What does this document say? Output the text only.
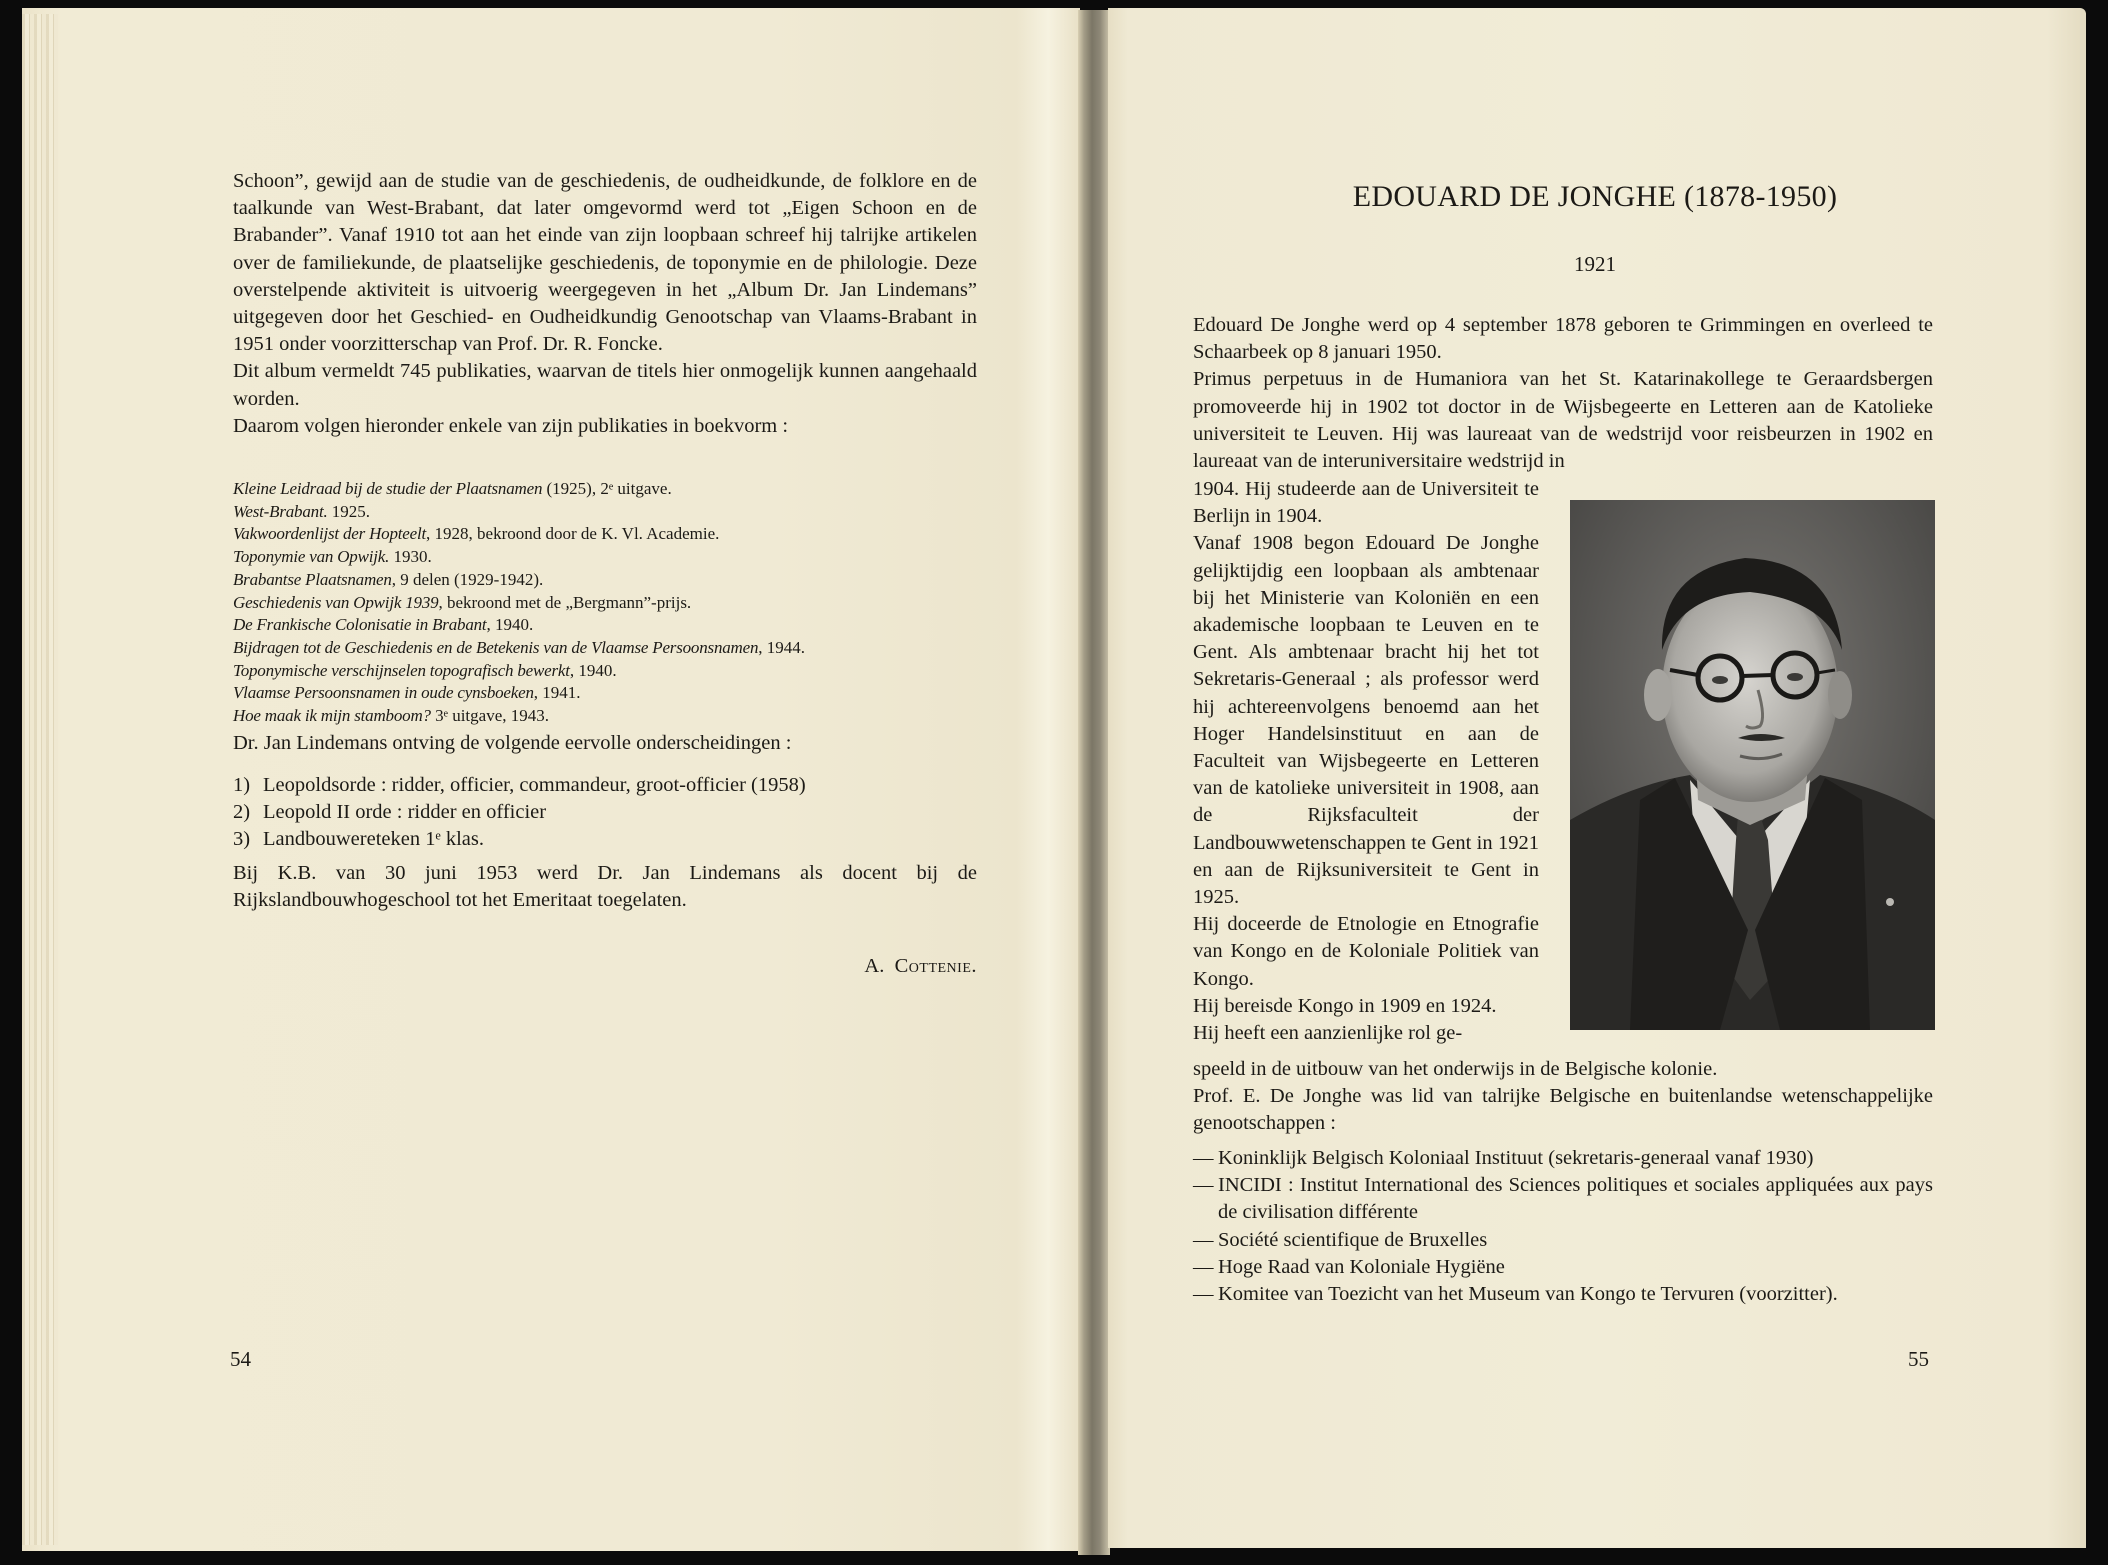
Schoon”, gewijd aan de studie van de geschiedenis, de oudheidkunde, de folklore en de taalkunde van West-Brabant, dat later omgevormd werd tot „Eigen Schoon en de Brabander”. Vanaf 1910 tot aan het einde van zijn loopbaan schreef hij talrijke artikelen over de familiekunde, de plaatselijke geschiedenis, de toponymie en de philologie. Deze overstelpende aktiviteit is uitvoerig weergegeven in het „Album Dr. Jan Lindemans” uitgegeven door het Geschied- en Oudheidkundig Genootschap van Vlaams-Brabant in 1951 onder voorzitterschap van Prof. Dr. R. Foncke.

Dit album vermeldt 745 publikaties, waarvan de titels hier onmogelijk kunnen aangehaald worden.

Daarom volgen hieronder enkele van zijn publikaties in boekvorm :

Kleine Leidraad bij de studie der Plaatsnamen (1925), 2ᵉ uitgave.
West-Brabant. 1925.
Vakwoordenlijst der Hopteelt, 1928, bekroond door de K. Vl. Academie.
Toponymie van Opwijk. 1930.
Brabantse Plaatsnamen, 9 delen (1929-1942).
Geschiedenis van Opwijk 1939, bekroond met de „Bergmann”-prijs.
De Frankische Colonisatie in Brabant, 1940.
Bijdragen tot de Geschiedenis en de Betekenis van de Vlaamse Persoonsnamen, 1944.
Toponymische verschijnselen topografisch bewerkt, 1940.
Vlaamse Persoonsnamen in oude cynsboeken, 1941.
Hoe maak ik mijn stamboom? 3ᵉ uitgave, 1943.
Dr. Jan Lindemans ontving de volgende eervolle onderscheidingen :
1) Leopoldsorde : ridder, officier, commandeur, groot-officier (1958)
2) Leopold II orde : ridder en officier
3) Landbouwereteken 1ᵉ klas.
Bij K.B. van 30 juni 1953 werd Dr. Jan Lindemans als docent bij de Rijkslandbouwhogeschool tot het Emeritaat toegelaten.
A. Cottenie.
54
EDOUARD DE JONGHE (1878-1950)
1921

Edouard De Jonghe werd op 4 september 1878 geboren te Grimmingen en overleed te Schaarbeek op 8 januari 1950.

Primus perpetuus in de Humaniora van het St. Katarinakollege te Geraardsbergen promoveerde hij in 1902 tot doctor in de Wijsbegeerte en Letteren aan de Katolieke universiteit te Leuven. Hij was laureaat van de wedstrijd voor reisbeurzen in 1902 en laureaat van de interuniversitaire wedstrijd in

1904. Hij studeerde aan de Universiteit te Berlijn in 1904.

Vanaf 1908 begon Edouard De Jonghe gelijktijdig een loopbaan als ambtenaar bij het Ministerie van Koloniën en een akademische loopbaan te Leuven en te Gent. Als ambtenaar bracht hij het tot Sekretaris-Generaal ; als professor werd hij achtereenvolgens benoemd aan het Hoger Handelsinstituut en aan de Faculteit van Wijsbegeerte en Letteren van de katolieke universiteit in 1908, aan de Rijksfaculteit der Landbouwwetenschappen te Gent in 1921 en aan de Rijksuniversiteit te Gent in 1925.

Hij doceerde de Etnologie en Etnografie van Kongo en de Koloniale Politiek van Kongo.

Hij bereisde Kongo in 1909 en 1924.

Hij heeft een aanzienlijke rol ge-

speeld in de uitbouw van het onderwijs in de Belgische kolonie.

Prof. E. De Jonghe was lid van talrijke Belgische en buitenlandse wetenschappelijke genootschappen :

— Koninklijk Belgisch Koloniaal Instituut (sekretaris-generaal vanaf 1930)
— INCIDI : Institut International des Sciences politiques et sociales appliquées aux pays de civilisation différente
— Société scientifique de Bruxelles
— Hoge Raad van Koloniale Hygiëne
— Komitee van Toezicht van het Museum van Kongo te Tervuren (voorzitter).
55
